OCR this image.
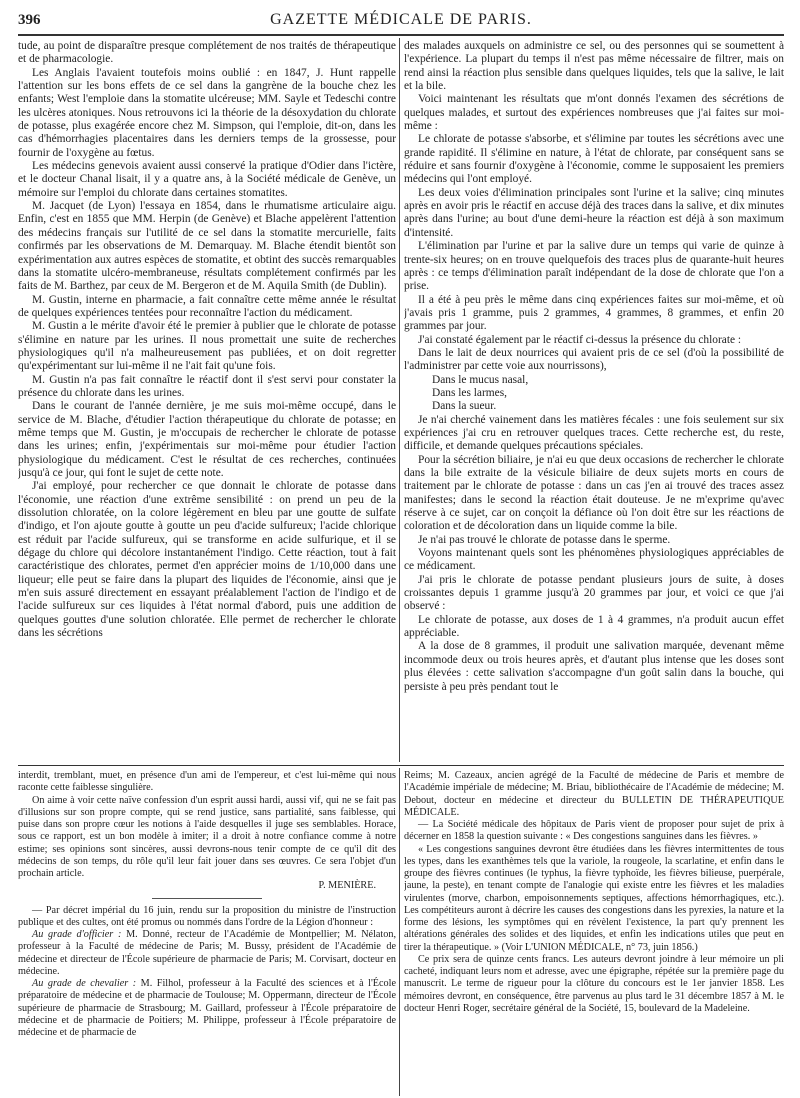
396	GAZETTE MÉDICALE DE PARIS.

tude, au point de disparaître presque complétement de nos traités de thérapeutique et de pharmacologie.

Les Anglais l'avaient toutefois moins oublié : en 1847, J. Hunt rappelle l'attention sur les bons effets de ce sel dans la gangrène de la bouche chez les enfants; West l'emploie dans la stomatite ulcéreuse; MM. Sayle et Tedeschi contre les ulcères atoniques. Nous retrouvons ici la théorie de la désoxydation du chlorate de potasse, plus exagérée encore chez M. Simpson, qui l'emploie, dit-on, dans les cas d'hémorrhagies placentaires dans les derniers temps de la grossesse, pour fournir de l'oxygène au fœtus.

Les médecins genevois avaient aussi conservé la pratique d'Odier dans l'ictère, et le docteur Chanal lisait, il y a quatre ans, à la Société médicale de Genève, un mémoire sur l'emploi du chlorate dans certaines stomatites.

M. Jacquet (de Lyon) l'essaya en 1854, dans le rhumatisme articulaire aigu. Enfin, c'est en 1855 que MM. Herpin (de Genève) et Blache appelèrent l'attention des médecins français sur l'utilité de ce sel dans la stomatite mercurielle, faits confirmés par les observations de M. Demarquay. M. Blache étendit bientôt son expérimentation aux autres espèces de stomatite, et obtint des succès remarquables dans la stomatite ulcéro-membraneuse, résultats complétement confirmés par les faits de M. Barthez, par ceux de M. Bergeron et de M. Aquila Smith (de Dublin).

M. Gustin, interne en pharmacie, a fait connaître cette même année le résultat de quelques expériences tentées pour reconnaître l'action du médicament.

M. Gustin a le mérite d'avoir été le premier à publier que le chlorate de potasse s'élimine en nature par les urines. Il nous promettait une suite de recherches physiologiques qu'il n'a malheureusement pas publiées, et on doit regretter qu'expérimentant sur lui-même il ne l'ait fait qu'une fois.

M. Gustin n'a pas fait connaître le réactif dont il s'est servi pour constater la présence du chlorate dans les urines.

Dans le courant de l'année dernière, je me suis moi-même occupé, dans le service de M. Blache, d'étudier l'action thérapeutique du chlorate de potasse; en même temps que M. Gustin, je m'occupais de rechercher le chlorate de potasse dans les urines; enfin, j'expérimentais sur moi-même pour étudier l'action physiologique du médicament. C'est le résultat de ces recherches, continuées jusqu'à ce jour, qui font le sujet de cette note.

J'ai employé, pour rechercher ce que donnait le chlorate de potasse dans l'économie, une réaction d'une extrême sensibilité : on prend un peu de la dissolution chloratée, on la colore légèrement en bleu par une goutte de sulfate d'indigo, et l'on ajoute goutte à goutte un peu d'acide sulfureux; l'acide chlorique est réduit par l'acide sulfureux, qui se transforme en acide sulfurique, et il se dégage du chlore qui décolore instantanément l'indigo. Cette réaction, tout à fait caractéristique des chlorates, permet d'en apprécier moins de 1/10,000 dans une liqueur; elle peut se faire dans la plupart des liquides de l'économie, ainsi que je m'en suis assuré directement en essayant préalablement l'action de l'indigo et de l'acide sulfureux sur ces liquides à l'état normal d'abord, puis une addition de quelques gouttes d'une solution chloratée. Elle permet de rechercher le chlorate dans les sécrétions

des malades auxquels on administre ce sel, ou des personnes qui se soumettent à l'expérience. La plupart du temps il n'est pas même nécessaire de filtrer, mais on rend ainsi la réaction plus sensible dans quelques liquides, tels que la salive, le lait et la bile.

Voici maintenant les résultats que m'ont donnés l'examen des sécrétions de quelques malades, et surtout des expériences nombreuses que j'ai faites sur moi-même :

Le chlorate de potasse s'absorbe, et s'élimine par toutes les sécrétions avec une grande rapidité. Il s'élimine en nature, à l'état de chlorate, par conséquent sans se réduire et sans fournir d'oxygène à l'économie, comme le supposaient les premiers médecins qui l'ont employé.

Les deux voies d'élimination principales sont l'urine et la salive; cinq minutes après en avoir pris le réactif en accuse déjà des traces dans la salive, et dix minutes après dans l'urine; au bout d'une demi-heure la réaction est déjà à son maximum d'intensité.

L'élimination par l'urine et par la salive dure un temps qui varie de quinze à trente-six heures; on en trouve quelquefois des traces plus de quarante-huit heures après : ce temps d'élimination paraît indépendant de la dose de chlorate que l'on a prise.

Il a été à peu près le même dans cinq expériences faites sur moi-même, et où j'avais pris 1 gramme, puis 2 grammes, 4 grammes, 8 grammes, et enfin 20 grammes par jour.

J'ai constaté également par le réactif ci-dessus la présence du chlorate :

Dans le lait de deux nourrices qui avaient pris de ce sel (d'où la possibilité de l'administrer par cette voie aux nourrissons),

Dans le mucus nasal,

Dans les larmes,

Dans la sueur.

Je n'ai cherché vainement dans les matières fécales : une fois seulement sur six expériences j'ai cru en retrouver quelques traces. Cette recherche est, du reste, difficile, et demande quelques précautions spéciales.

Pour la sécrétion biliaire, je n'ai eu que deux occasions de rechercher le chlorate dans la bile extraite de la vésicule biliaire de deux sujets morts en cours de traitement par le chlorate de potasse : dans un cas j'en ai trouvé des traces assez manifestes; dans le second la réaction était douteuse. Je ne m'exprime qu'avec réserve à ce sujet, car on conçoit la défiance où l'on doit être sur les réactions de coloration et de décoloration dans un liquide comme la bile.

Je n'ai pas trouvé le chlorate de potasse dans le sperme.

Voyons maintenant quels sont les phénomènes physiologiques appréciables de ce médicament.

J'ai pris le chlorate de potasse pendant plusieurs jours de suite, à doses croissantes depuis 1 gramme jusqu'à 20 grammes par jour, et voici ce que j'ai observé :

Le chlorate de potasse, aux doses de 1 à 4 grammes, n'a produit aucun effet appréciable.

A la dose de 8 grammes, il produit une salivation marquée, devenant même incommode deux ou trois heures après, et d'autant plus intense que les doses sont plus élevées : cette salivation s'accompagne d'un goût salin dans la bouche, qui persiste à peu près pendant tout le

interdit, tremblant, muet, en présence d'un ami de l'empereur, et c'est lui-même qui nous raconte cette faiblesse singulière.

On aime à voir cette naïve confession d'un esprit aussi hardi, aussi vif, qui ne se fait pas d'illusions sur son propre compte, qui se rend justice, sans partialité, sans faiblesse, qui puise dans son propre cœur les notions à l'aide desquelles il juge ses semblables. Horace, sous ce rapport, est un bon modèle à imiter; il a droit à notre confiance comme à notre estime; ses opinions sont sincères, aussi devrons-nous tenir compte de ce qu'il dit des médecins de son temps, du rôle qu'il leur fait jouer dans ses œuvres. Ce sera l'objet d'un prochain article.

P. MENIÈRE.

— Par décret impérial du 16 juin, rendu sur la proposition du ministre de l'instruction publique et des cultes, ont été promus ou nommés dans l'ordre de la Légion d'honneur :

Au grade d'officier : M. Donné, recteur de l'Académie de Montpellier; M. Nélaton, professeur à la Faculté de médecine de Paris; M. Bussy, président de l'Académie de médecine et directeur de l'École supérieure de pharmacie de Paris; M. Corvisart, docteur en médecine.

Au grade de chevalier : M. Filhol, professeur à la Faculté des sciences et à l'École préparatoire de médecine et de pharmacie de Toulouse; M. Oppermann, directeur de l'École supérieure de pharmacie de Strasbourg; M. Gaillard, professeur à l'École préparatoire de médecine et de pharmacie de Poitiers; M. Philippe, professeur à l'École préparatoire de médecine et de pharmacie de

Reims; M. Cazeaux, ancien agrégé de la Faculté de médecine de Paris et membre de l'Académie impériale de médecine; M. Briau, bibliothécaire de l'Académie de médecine; M. Debout, docteur en médecine et directeur du BULLETIN DE THÉRAPEUTIQUE MÉDICALE.

— La Société médicale des hôpitaux de Paris vient de proposer pour sujet de prix à décerner en 1858 la question suivante : « Des congestions sanguines dans les fièvres. »

« Les congestions sanguines devront être étudiées dans les fièvres intermittentes de tous les types, dans les exanthèmes tels que la variole, la rougeole, la scarlatine, et enfin dans le groupe des fièvres continues (le typhus, la fièvre typhoïde, les fièvres bilieuse, puerpérale, jaune, la peste), en tenant compte de l'analogie qui existe entre les fièvres et les maladies virulentes (morve, charbon, empoisonnements septiques, affections hémorrhagiques, etc.). Les compétiteurs auront à décrire les causes des congestions dans les pyrexies, la nature et la forme des lésions, les symptômes qui en révèlent l'existence, la part qu'y prennent les altérations générales des solides et des liquides, et enfin les indications utiles que peut en tirer la thérapeutique. » (Voir L'UNION MÉDICALE, n° 73, juin 1856.)

Ce prix sera de quinze cents francs. Les auteurs devront joindre à leur mémoire un pli cacheté, indiquant leurs nom et adresse, avec une épigraphe, répétée sur la première page du manuscrit. Le terme de rigueur pour la clôture du concours est le 1er janvier 1858. Les mémoires devront, en conséquence, être parvenus au plus tard le 31 décembre 1857 à M. le docteur Henri Roger, secrétaire général de la Société, 15, boulevard de la Madeleine.
